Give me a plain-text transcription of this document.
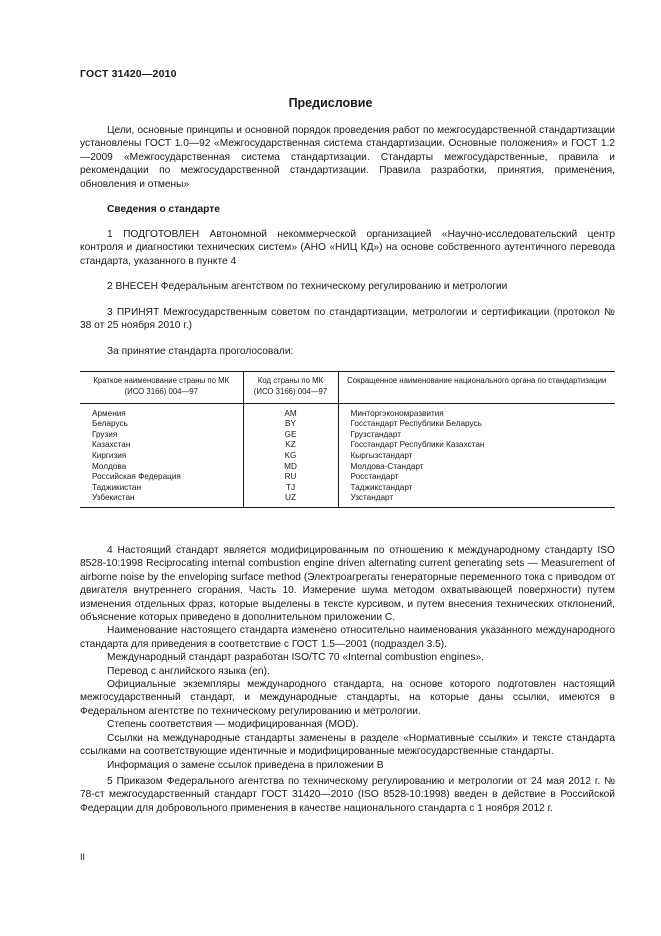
ГОСТ 31420—2010
Предисловие
Цели, основные принципы и основной порядок проведения работ по межгосударственной стандартизации установлены ГОСТ 1.0—92 «Межгосударственная система стандартизации. Основные положения» и ГОСТ 1.2—2009 «Межгосударственная система стандартизации. Стандарты межгосударственные, правила и рекомендации по межгосударственной стандартизации. Правила разработки, принятия, применения, обновления и отмены»
Сведения о стандарте
1 ПОДГОТОВЛЕН Автономной некоммерческой организацией «Научно-исследовательский центр контроля и диагностики технических систем» (АНО «НИЦ КД») на основе собственного аутентичного перевода стандарта, указанного в пункте 4
2 ВНЕСЕН Федеральным агентством по техническому регулированию и метрологии
3 ПРИНЯТ Межгосударственным советом по стандартизации, метрологии и сертификации (протокол № 38 от 25 ноября 2010 г.)
За принятие стандарта проголосовали:
Краткое наименование страны по МК (ИСО 3166) 004—97	Код страны по МК (ИСО 3166) 004—97	Сокращенное наименование национального органа по стандартизации
Армения	AM	Минторгэкономразвития
Беларусь	BY	Госстандарт Республики Беларусь
Грузия	GE	Грузстандарт
Казахстан	KZ	Госстандарт Республики Казахстан
Киргизия	KG	Кыргызстандарт
Молдова	MD	Молдова-Стандарт
Российская Федерация	RU	Росстандарт
Таджикистан	TJ	Таджикстандарт
Узбекистан	UZ	Узстандарт
4 Настоящий стандарт является модифицированным по отношению к международному стандарту ISO 8528-10:1998 Reciprocating internal combustion engine driven alternating current generating sets — Measurement of airborne noise by the enveloping surface method (Электроагрегаты генераторные переменного тока с приводом от двигателя внутреннего сгорания. Часть 10. Измерение шума методом охватывающей поверхности) путем изменения отдельных фраз, которые выделены в тексте курсивом, и путем внесения технических отклонений, объяснение которых приведено в дополнительном приложении С.
Наименование настоящего стандарта изменено относительно наименования указанного международного стандарта для приведения в соответствие с ГОСТ 1.5—2001 (подраздел 3.5).
Международный стандарт разработан ISO/TC 70 «Internal combustion engines».
Перевод с английского языка (en).
Официальные экземпляры международного стандарта, на основе которого подготовлен настоящий межгосударственный стандарт, и международные стандарты, на которые даны ссылки, имеются в Федеральном агентстве по техническому регулированию и метрологии.
Степень соответствия — модифицированная (MOD).
Ссылки на международные стандарты заменены в разделе «Нормативные ссылки» и тексте стандарта ссылками на соответствующие идентичные и модифицированные межгосударственные стандарты.
Информация о замене ссылок приведена в приложении В
5 Приказом Федерального агентства по техническому регулированию и метрологии от 24 мая 2012 г. № 78-ст межгосударственный стандарт ГОСТ 31420—2010 (ISO 8528-10:1998) введен в действие в Российской Федерации для добровольного применения в качестве национального стандарта с 1 ноября 2012 г.
II
